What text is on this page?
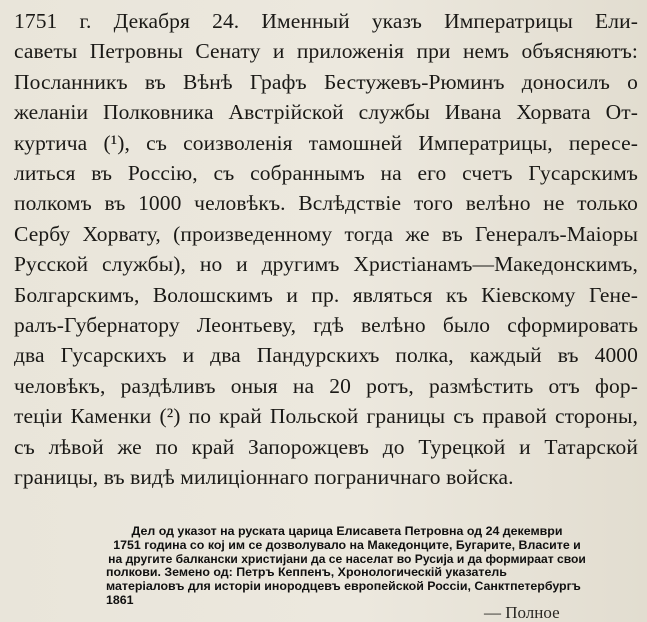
1751 г. Декабря 24. Именный указъ Императрицы Ели-
саветы Петровны Сенату и приложенія при немъ объясняютъ:
Посланникъ въ Вѣнѣ Графъ Бестужевъ-Рюминъ доносилъ о
желаніи Полковника Австрійской службы Ивана Хорвата От-
куртича (¹), съ соизволенія тамошней Императрицы, пересе-
литься въ Россію, съ собраннымъ на его счетъ Гусарскимъ
полкомъ въ 1000 человѣкъ. Вслѣдствіе того велѣно не только
Сербу Хорвату, (произведенному тогда же въ Генералъ-Маіоры
Русской службы), но и другимъ Христіанамъ—Македонскимъ,
Болгарскимъ, Волошскимъ и пр. являться къ Кіевскому Гене-
ралъ-Губернатору Леонтьеву, гдѣ велѣно было сформировать
два Гусарскихъ и два Пандурскихъ полка, каждый въ 4000
человѣкъ, раздѣливъ оныя на 20 ротъ, размѣстить отъ фор-
теціи Каменки (²) по край Польской границы съ правой стороны,
съ лѣвой же по край Запорожцевъ до Турецкой и Татарской
границы, въ видѣ милиціоннаго пограничнаго войска.
Дел од указот на руската царица Елисавета Петровна од 24 декември
1751 година со кој им се дозволувало на Македонците, Бугарите, Власите и
на другите балкански христијани да се населат во Русија и да формираат свои
полкови. Земено од: Петръ Кеппенъ, Хронологическій указатель
матеріаловъ для исторіи инородцевъ европейской Россіи, Санктпетербургъ
1861
— Полное
